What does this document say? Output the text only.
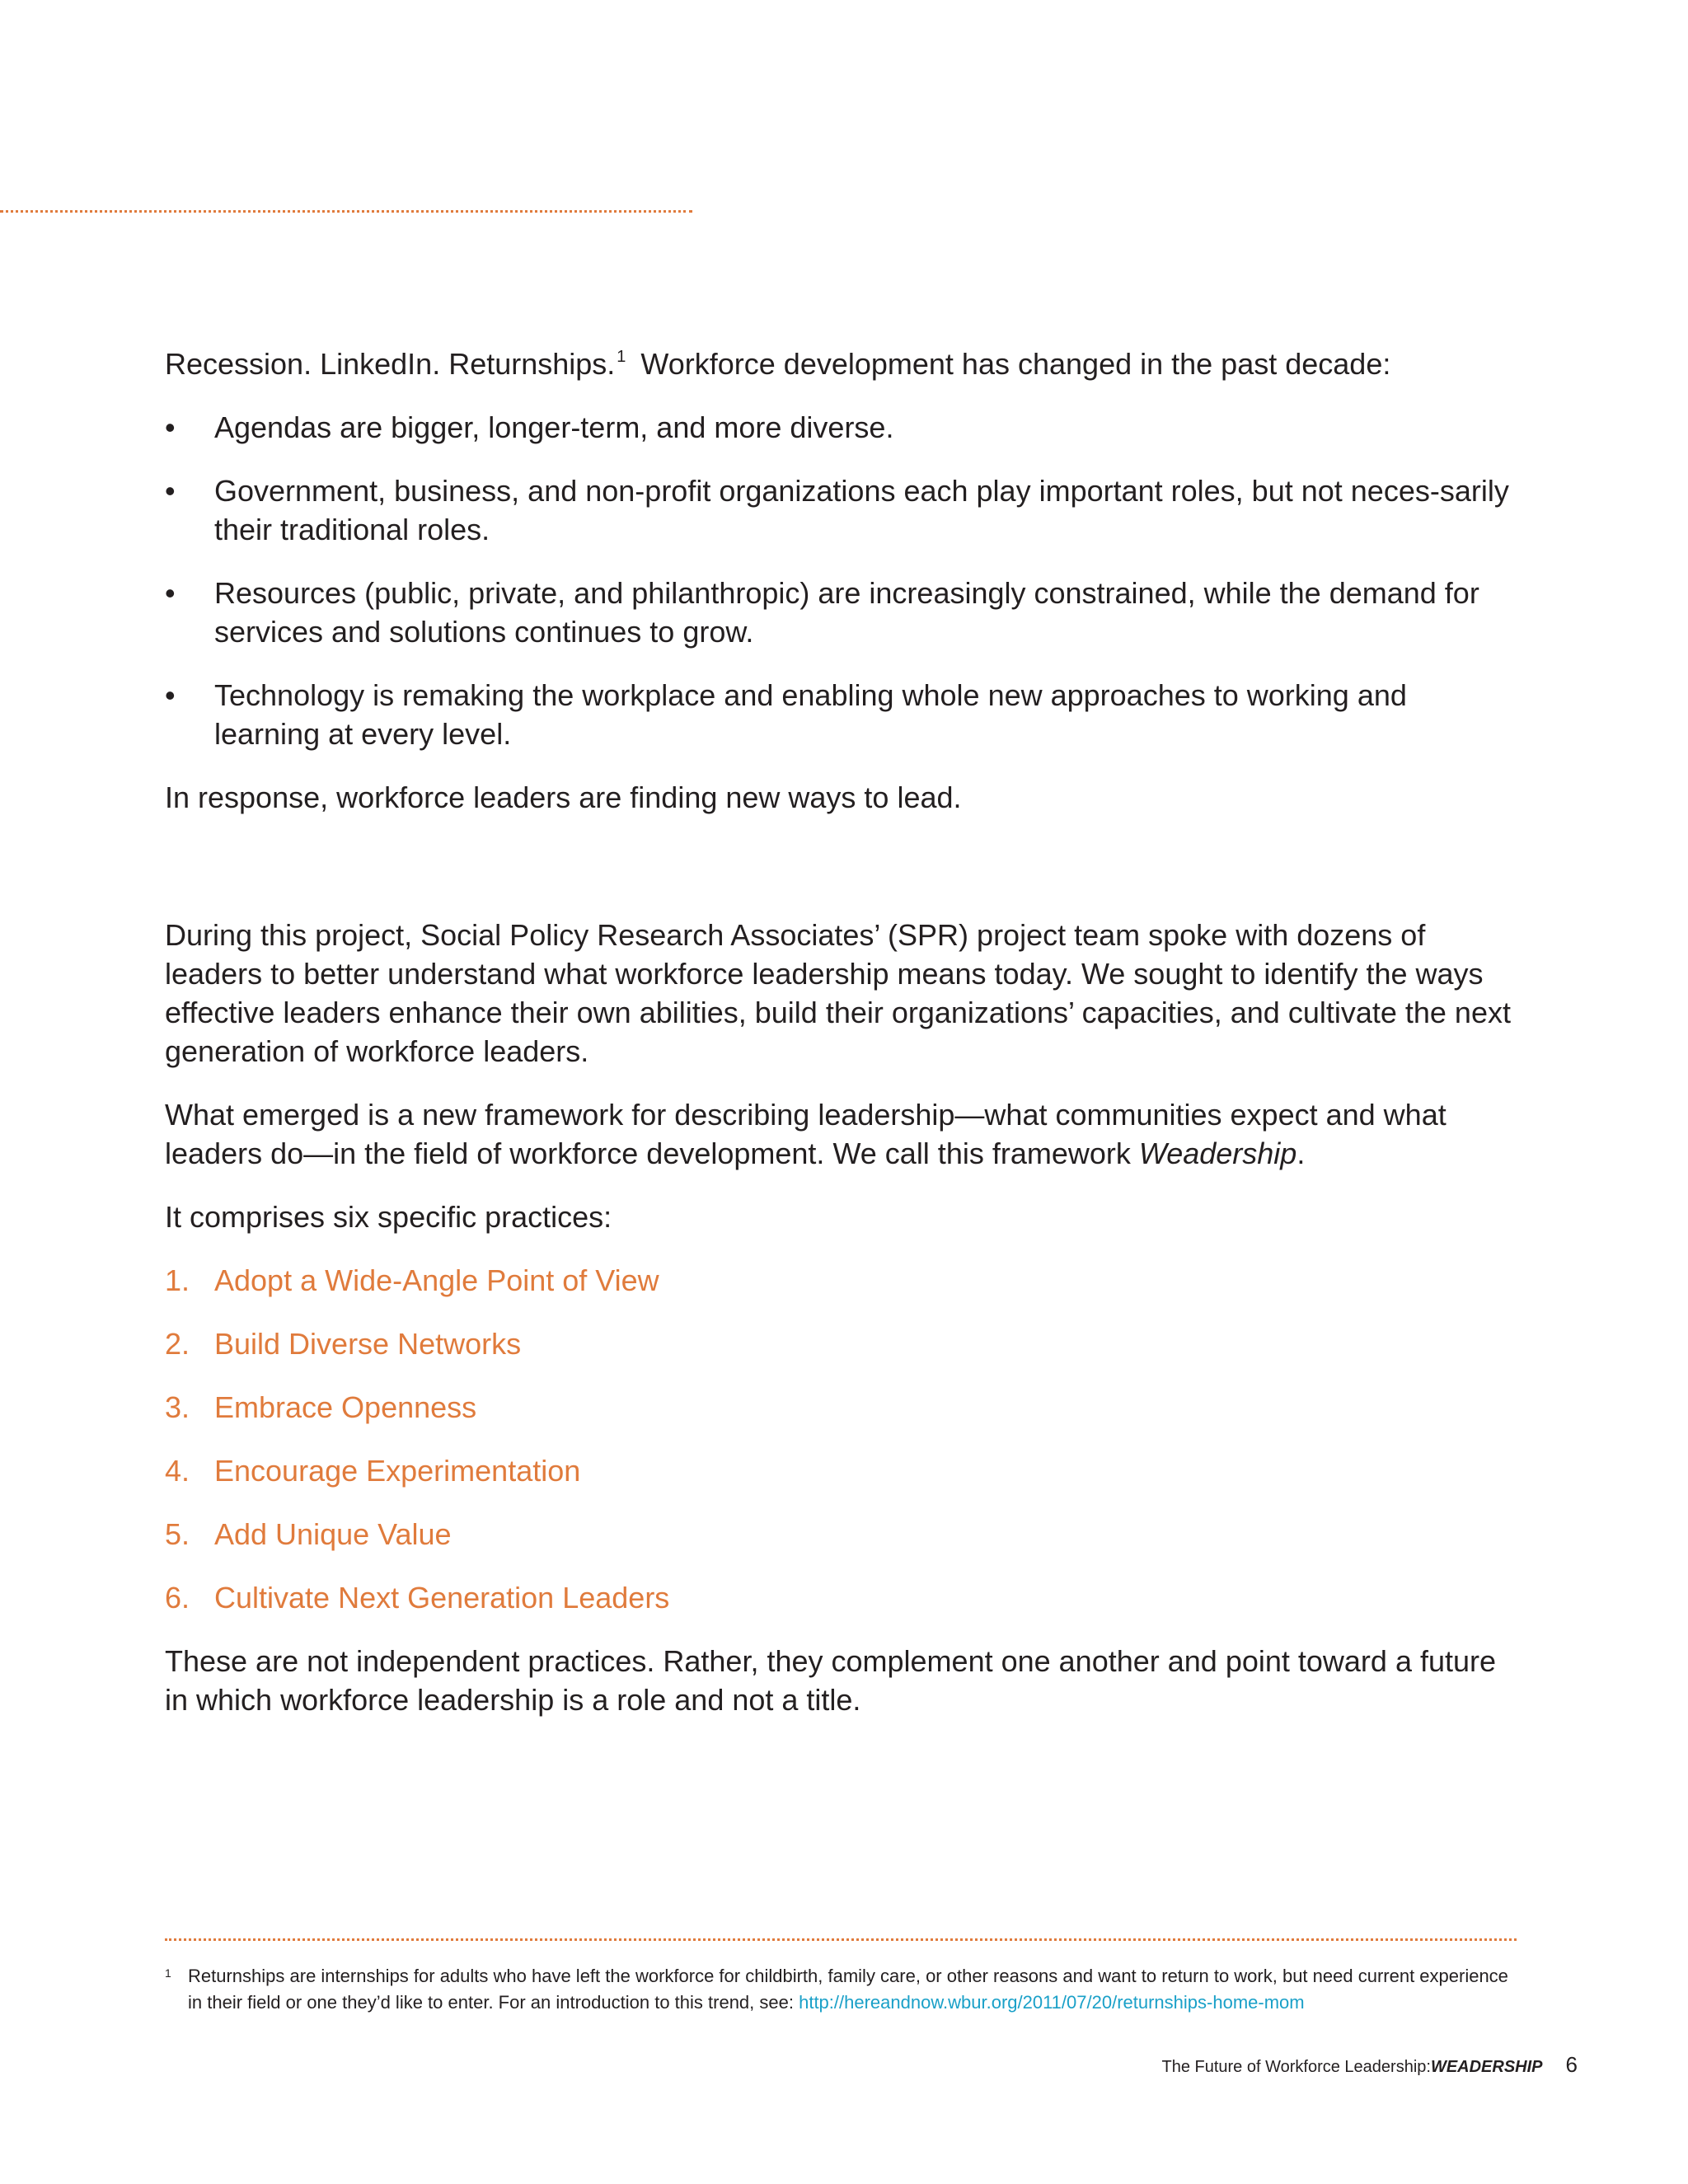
Recession. LinkedIn. Returnships. $^1$ Workforce development has changed in the past decade:

• Agendas are bigger, longer-term, and more diverse.
• Government, business, and non-profit organizations each play important roles, but not neces-sarily their traditional roles.
• Resources (public, private, and philanthropic) are increasingly constrained, while the demand for services and solutions continues to grow.
• Technology is remaking the workplace and enabling whole new approaches to working and learning at every level.

In response, workforce leaders are finding new ways to lead.

During this project, Social Policy Research Associates’ (SPR) project team spoke with dozens of leaders to better understand what workforce leadership means today. We sought to identify the ways effective leaders enhance their own abilities, build their organizations’ capacities, and cultivate the next generation of workforce leaders.

What emerged is a new framework for describing leadership—what communities expect and what leaders do—in the field of workforce development. We call this framework Weadership.

It comprises six specific practices:

1. Adopt a Wide-Angle Point of View
2. Build Diverse Networks
3. Embrace Openness
4. Encourage Experimentation
5. Add Unique Value
6. Cultivate Next Generation Leaders

These are not independent practices. Rather, they complement one another and point toward a future in which workforce leadership is a role and not a title.

1 Returnships are internships for adults who have left the workforce for childbirth, family care, or other reasons and want to return to work, but need current experience in their field or one they’d like to enter. For an introduction to this trend, see: http://hereandnow.wbur.org/2011/07/20/returnships-home-mom
The Future of Workforce Leadership: WEADERSHIP 6
